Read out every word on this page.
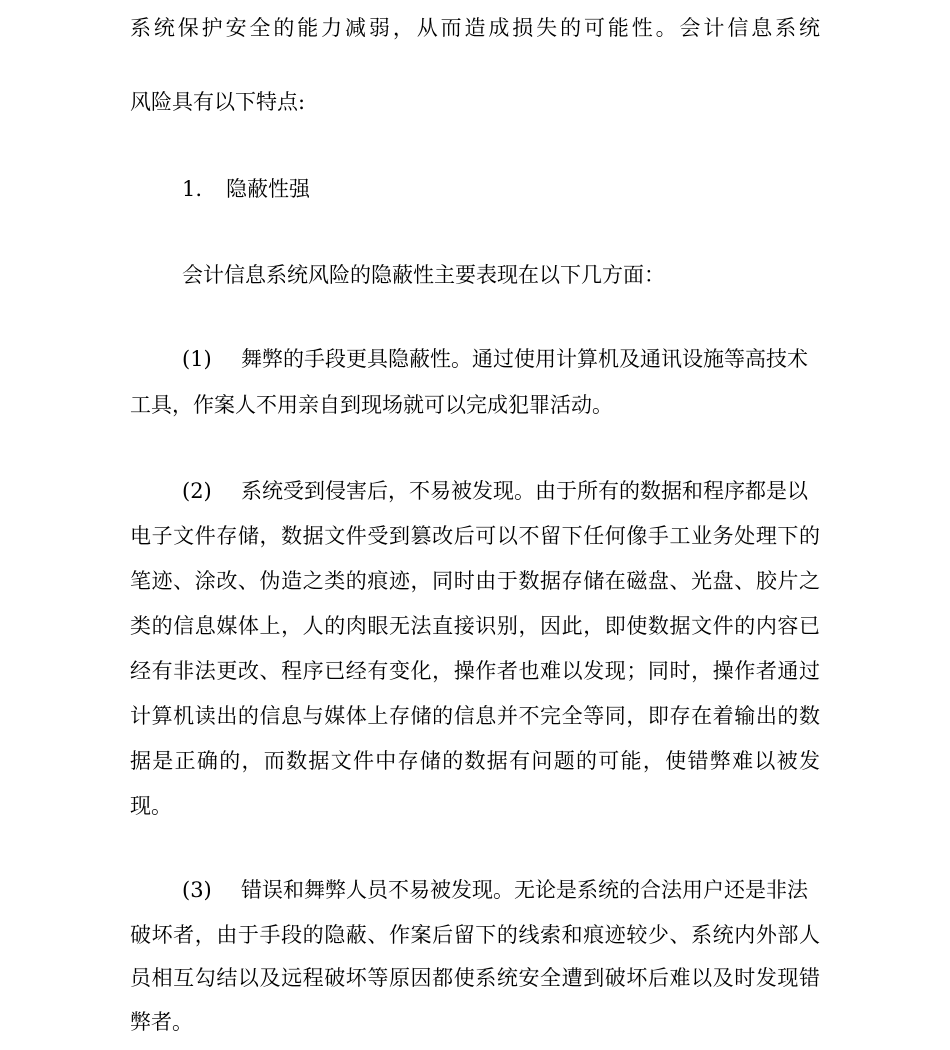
系统保护安全的能力减弱，从而造成损失的可能性。会计信息系统
风险具有以下特点:
1. 隐蔽性强
会计信息系统风险的隐蔽性主要表现在以下几方面：
(1) 舞弊的手段更具隐蔽性。通过使用计算机及通讯设施等高技术
工具，作案人不用亲自到现场就可以完成犯罪活动。
(2) 系统受到侵害后，不易被发现。由于所有的数据和程序都是以
电子文件存储，数据文件受到篡改后可以不留下任何像手工业务处理下的
笔迹、涂改、伪造之类的痕迹，同时由于数据存储在磁盘、光盘、胶片之
类的信息媒体上，人的肉眼无法直接识别，因此，即使数据文件的内容已
经有非法更改、程序已经有变化，操作者也难以发现；同时，操作者通过
计算机读出的信息与媒体上存储的信息并不完全等同，即存在着输出的数
据是正确的，而数据文件中存储的数据有问题的可能，使错弊难以被发
现。
(3) 错误和舞弊人员不易被发现。无论是系统的合法用户还是非法
破坏者，由于手段的隐蔽、作案后留下的线索和痕迹较少、系统内外部人
员相互勾结以及远程破坏等原因都使系统安全遭到破坏后难以及时发现错
弊者。
